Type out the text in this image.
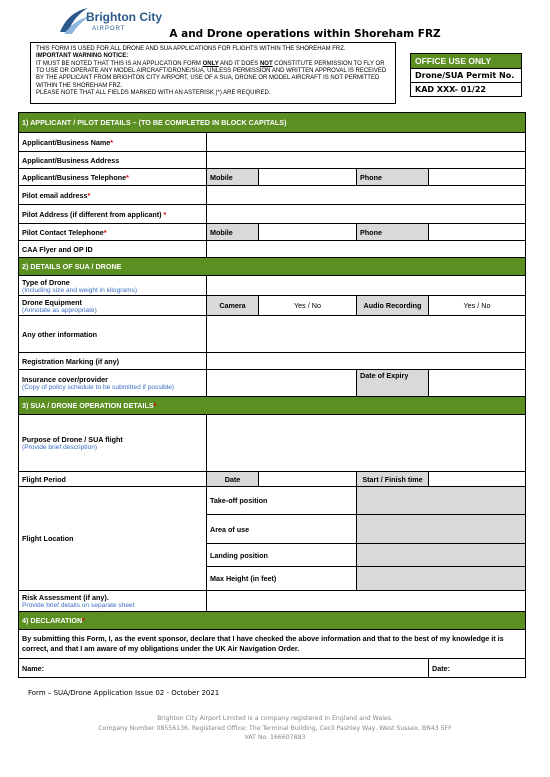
Brighton City
AIRPORT	A and Drone operations within Shoreham FRZ

THIS FORM IS USED FOR ALL DRONE AND SUA APPLICATIONS FOR FLIGHTS WITHIN THE SHOREHAM FRZ.

IMPORTANT WARNING NOTICE:

IT MUST BE NOTED THAT THIS IS AN APPLICATION FORM ONLY AND IT DOES NOT CONSTITUTE PERMISSION TO FLY OR TO USE OR OPERATE ANY MODEL AIRCRAFT/DRONE/SUA, UNLESS PERMISSION AND WRITTEN APPROVAL IS RECEIVED BY THE APPLICANT FROM BRIGHTON CITY AIRPORT, USE OF A SUA, DRONE OR MODEL AIRCRAFT IS NOT PERMITTED WITHIN THE SHOREHAM FRZ.

PLEASE NOTE THAT ALL FIELDS MARKED WITH AN ASTERISK (*) ARE REQUIRED.

OFFICE USE ONLY
Drone/SUA Permit No.
KAD XXX- 01/22
1) APPLICANT / PILOT DETAILS – (TO BE COMPLETED IN BLOCK CAPITALS)				
Applicant/Business Name*				
Applicant/Business Address				
Applicant/Business Telephone*	Mobile		Phone	
Pilot email address*				
Pilot Address (if different from applicant) *				
Pilot Contact Telephone*	Mobile		Phone	
CAA Flyer and OP ID				
2) DETAILS OF SUA / DRONE				
Type of Drone
(Including size and weight in kilograms)				

Drone Equipment
(Annotate as appropriate)	Camera	Yes / No	Audio Recording	Yes / No
Any other information				
Registration Marking (if any)				
Insurance cover/provider
(Copy of policy schedule to be submitted if possible)			Date of Expiry	
3) SUA / DRONE OPERATION DETAILS*				
Purpose of Drone / SUA flight
(Provide brief description)				

Flight Period	Date		Start / Finish time	
Flight Location	Take-off position			
	Area of use			
	Landing position			
	Max Height (in feet)			
Risk Assessment (if any).
Provide brief details on separate sheet				

4) DECLARATION*				
By submitting this Form, I, as the event sponsor, declare that I have checked the above information and that to the best of my knowledge it is correct, and that I am aware of my obligations under the UK Air Navigation Order.				
Name:				Date:
Form – SUA/Drone Application Issue 02 - October 2021
Brighton City Airport Limited is a company registered in England and Wales.
Company Number 08556136. Registered Office: The Terminal Building, Cecil Pashley Way, West Sussex, BN43 5FF
VAT No. 166607883
